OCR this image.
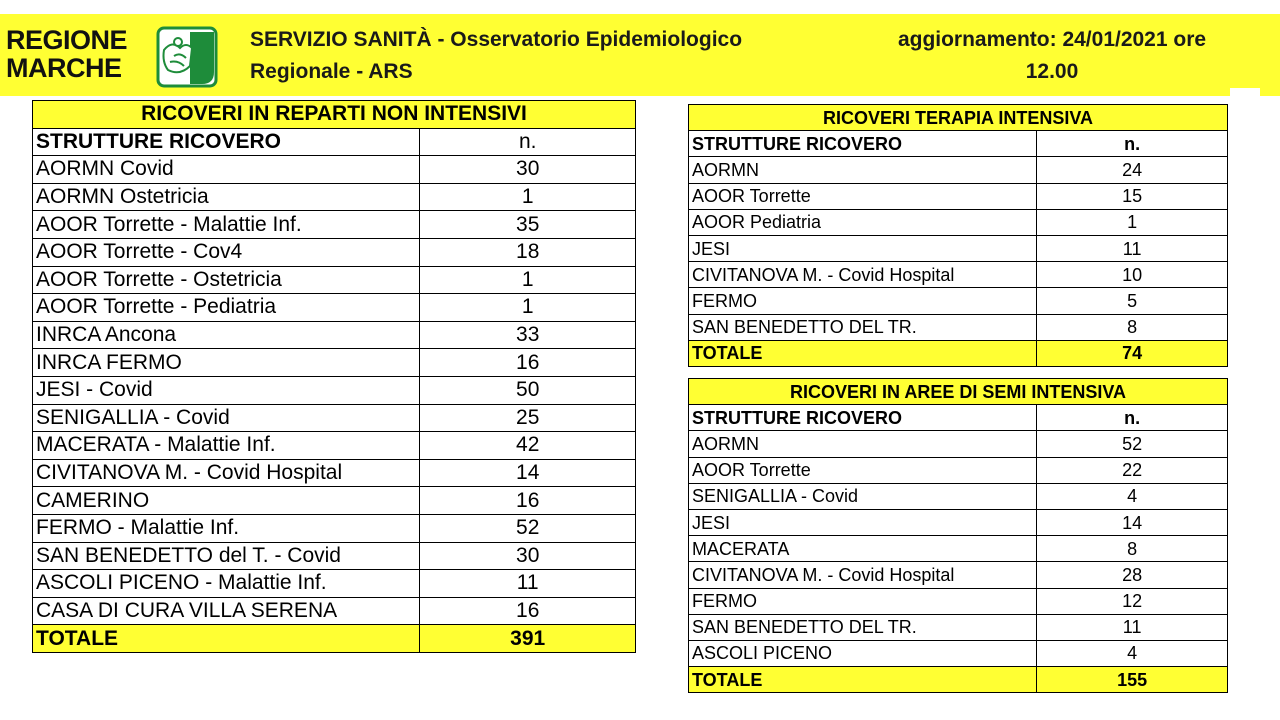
REGIONE
MARCHE
SERVIZIO SANITÀ - Osservatorio Epidemiologico
Regionale - ARS
aggiornamento: 24/01/2021 ore
12.00
RICOVERI IN REPARTI NON INTENSIVI	
STRUTTURE RICOVERO	n.
AORMN Covid	30
AORMN Ostetricia	1
AOOR Torrette - Malattie Inf.	35
AOOR Torrette - Cov4	18
AOOR Torrette - Ostetricia	1
AOOR Torrette - Pediatria	1
INRCA Ancona	33
INRCA FERMO	16
JESI - Covid	50
SENIGALLIA - Covid	25
MACERATA - Malattie Inf.	42
CIVITANOVA M. - Covid Hospital	14
CAMERINO	16
FERMO - Malattie Inf.	52
SAN BENEDETTO del T. - Covid	30
ASCOLI PICENO - Malattie Inf.	11
CASA DI CURA VILLA SERENA	16
TOTALE	391
RICOVERI TERAPIA INTENSIVA	
STRUTTURE RICOVERO	n.
AORMN	24
AOOR Torrette	15
AOOR Pediatria	1
JESI	11
CIVITANOVA M. - Covid Hospital	10
FERMO	5
SAN BENEDETTO DEL TR.	8
TOTALE	74
RICOVERI IN AREE DI SEMI INTENSIVA	
STRUTTURE RICOVERO	n.
AORMN	52
AOOR Torrette	22
SENIGALLIA - Covid	4
JESI	14
MACERATA	8
CIVITANOVA M. - Covid Hospital	28
FERMO	12
SAN BENEDETTO DEL TR.	11
ASCOLI PICENO	4
TOTALE	155
